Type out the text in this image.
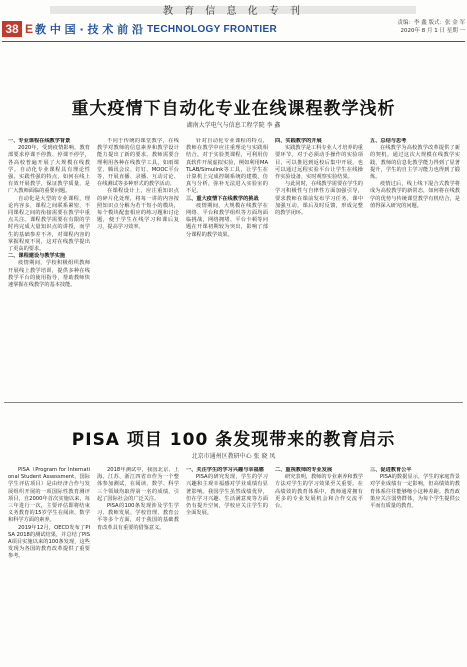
教 育 信 息 化 专 刊
38 E 教 中 国 · 技 术 前 沿 TECHNOLOGY FRONTIER
责编：李 鑫 版式：张 金 军
2020年 8 月 1 日 星期 一
重大疫情下自动化专业在线课程教学浅析
湖南大学电气与信息工程学院 李 鑫

一、专业课程在线教学背景

2020年，受到疫情影响，教育部要求停课不停教、停课不停学，各高校普遍开展了大规模在线教学。自动化专业课程具有理论性强、实践性强的特点，如何在线上有效开展教学，保证教学质量，是广大教师面临的重要问题。

自动化是大型的专业课程，理论内容多，课程之间联系紧密，不同课程之间的衔接需要在教学中重点关注。课程教学需要在有限的学时内完成大量知识点的讲授，而学生的基础参差不齐，对课程内容的掌握程度不同，这对在线教学提出了更高的要求。

二、课程建设与教学实施

疫情期间，学校积极组织教师开展线上教学培训，提供多种在线教学平台的使用指导，帮助教师快速掌握在线教学的基本技能。

不同于传统的课堂教学，在线教学对教师的信息素养和教学设计能力提出了新的要求。教师需要合理利用各种在线教学工具，如雨课堂、腾讯会议、钉钉、MOOC平台等，开展直播、录播、互动讨论、在线测试等多种形式的教学活动。

在课程设计上，应注重知识点的碎片化处理，将每一讲的内容按照知识点分解为若干短小的模块，每个模块配套相应的练习题和讨论题，便于学生在线学习和课后复习，提高学习效率。

针对自动化专业课程的特点，教师在教学中应注重理论与实践相结合。对于实验类课程，可利用仿真软件开展虚拟实验，例如利用MATLAB/Simulink等工具，让学生在计算机上完成控制系统的建模、仿真与分析，弥补无法进入实验室的不足。

三、重大疫情下在线教学的挑战

疫情期间，大规模在线教学在网络、平台和教学组织等方面均面临挑战，网络拥堵、平台卡顿等问题在开课初期较为突出，影响了部分课程的教学效果。

四、实践教学的开展

实践教学是工科专业人才培养的重要环节。对于必须动手操作的实验项目，可以推迟到返校后集中开展，也可以通过远程实验平台让学生在线操作实验设备，实时观察实验结果。

与此同时，在线教学需要在学生的学习积极性与自律性方面加强引导，要求教师在课前发布学习任务，课中加强互动，课后及时反馈，形成完整的教学闭环。

五、总结与思考

在线教学为高校教学改革提供了新的契机。通过这次大规模在线教学实践，教师的信息化教学能力得到了显著提升，学生的自主学习能力也得到了锻炼。

疫情过后，线上线下混合式教学将成为高校教学的新常态，如何将在线教学的优势与传统课堂教学有机结合，是值得深入研究的问题。

PISA 项目 100 条发现带来的教育启示
北京市通州区教研中心 张 晓 凤

PISA（Program for International Student Assessment，国际学生评估项目）是由经济合作与发展组织开展的一项国际性教育测评项目，自2000年首次实施以来，每三年进行一次，主要评估即将结束义务教育的15岁学生在阅读、数学和科学方面的素养。

2019年12月，OECD发布了PISA 2018的测试结果，并总结了PISA项目实施以来的100条发现，这些发现为各国的教育改革提供了重要参考。

2018年测试中，我国北京、上海、江苏、浙江四省市作为一个整体参加测试，在阅读、数学、科学三个领域均取得第一名的成绩，引起了国际社会的广泛关注。

PISA的100条发现涉及学生学习、教师发展、学校管理、教育公平等多个方面，对于我国的基础教育改革具有重要的借鉴意义。

一、关注学生的学习兴趣与幸福感

PISA的研究发现，学生的学习兴趣和主观幸福感对学业成绩有显著影响。我国学生虽然成绩优异，但在学习兴趣、生活满意度等方面仍有提升空间，学校应关注学生的全面发展。

二、重视教师的专业发展

研究表明，教师的专业素养和教学方法对学生的学习效果至关重要。在高绩效的教育体系中，教师通常拥有更多的专业发展机会和合作交流平台。

三、促进教育公平

PISA的数据显示，学生的家庭背景对学业成绩有一定影响，但高绩效的教育体系往往能够缩小这种差距。教育政策应关注弱势群体，为每个学生提供公平而有质量的教育。
